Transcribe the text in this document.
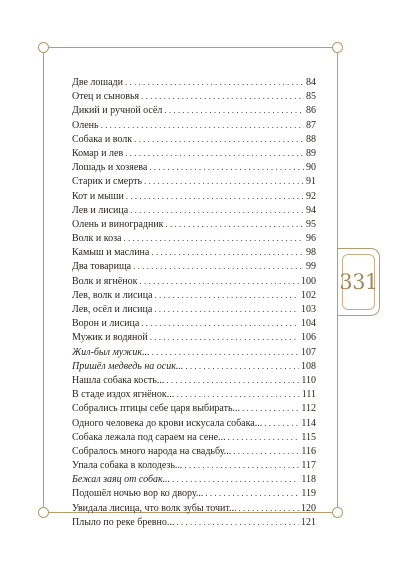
331
Две лошади . . .	84
Отец и сыновья . . .	85
Дикий и ручной осёл . . .	86
Олень . . .	87
Собака и волк . . .	88
Комар и лев . . .	89
Лошадь и хозяева . . .	90
Старик и смерть . . .	91
Кот и мыши . . .	92
Лев и лисица . . .	94
Олень и виноградник . . .	95
Волк и коза . . .	96
Камыш и маслина . . .	98
Два товарища . . .	99
Волк и ягнёнок . . .	100
Лев, волк и лисица . . .	102
Лев, осёл и лисица . . .	103
Ворон и лисица . . .	104
Мужик и водяной . . .	106
Жил-был мужик... . . .	107
Пришёл медведь на осик... . . .	108
Нашла собака кость... . . .	110
В стаде издох ягнёнок... . . .	111
Собрались птицы себе царя выбирать... . . .	112
Одного человека до крови искусала собака... . . .	114
Собака лежала под сараем на сене... . . .	115
Собралось много народа на свадьбу... . . .	116
Упала собака в колодезь... . . .	117
Бежал заяц от собак... . . .	118
Подошёл ночью вор ко двору... . . .	119
Увидала лисица, что волк зубы точит... . . .	120
Плыло по реке бревно... . . .	121
